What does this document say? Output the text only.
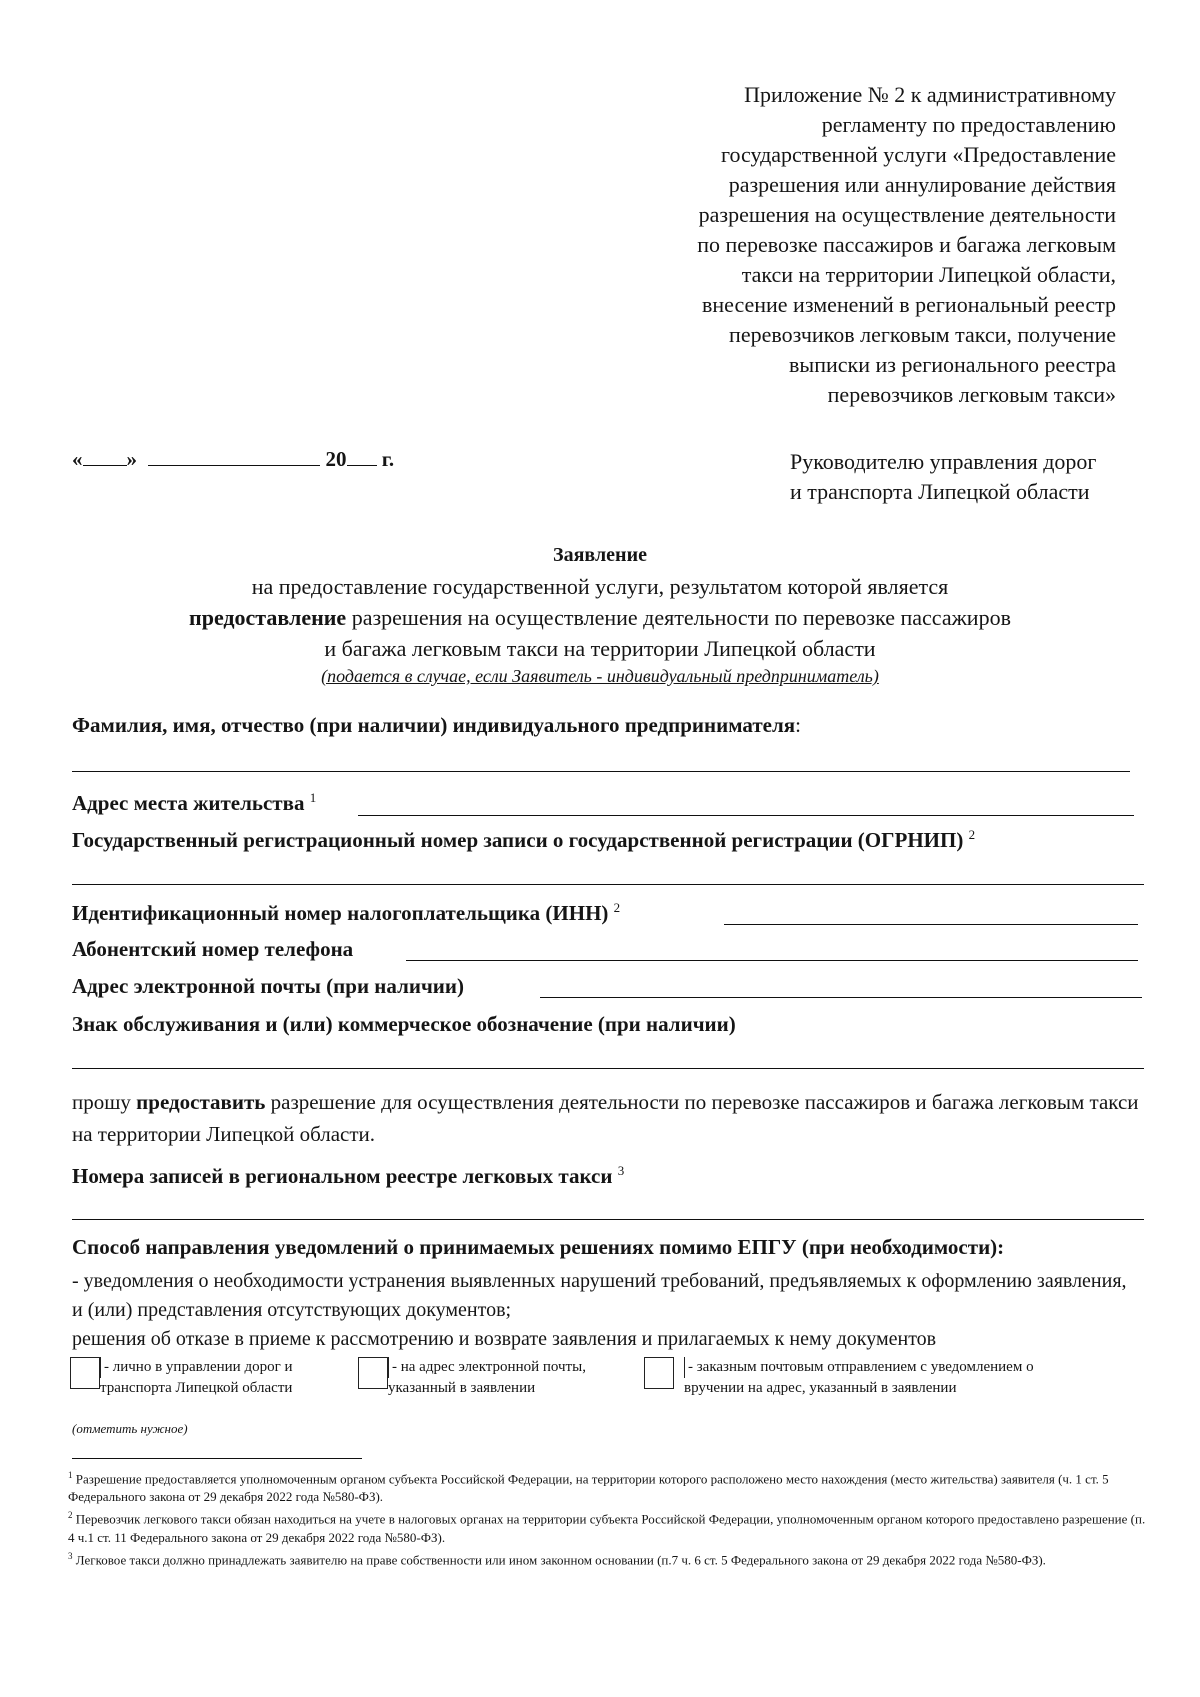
Приложение № 2 к административному
регламенту по предоставлению
государственной услуги «Предоставление
разрешения или аннулирование действия
разрешения на осуществление деятельности
по перевозке пассажиров и багажа легковым
такси на территории Липецкой области,
внесение изменений в региональный реестр
перевозчиков легковым такси, получение
выписки из регионального реестра
перевозчиков легковым такси»
« »	20 г.	Руководителю управления дорог
и транспорта Липецкой области
Заявление
на предоставление государственной услуги, результатом которой является
предоставление разрешения на осуществление деятельности по перевозке пассажиров
и багажа легковым такси на территории Липецкой области
(подается в случае, если Заявитель - индивидуальный предприниматель)
Фамилия, имя, отчество (при наличии) индивидуального предпринимателя:
Адрес места жительства $^1$
Государственный регистрационный номер записи о государственной регистрации (ОГРНИП) $^2$
Идентификационный номер налогоплательщика (ИНН) $^2$
Абонентский номер телефона
Адрес электронной почты (при наличии)
Знак обслуживания и (или) коммерческое обозначение (при наличии)
прошу предоставить разрешение для осуществления деятельности по перевозке пассажиров и багажа легковым такси на территории Липецкой области.
Номера записей в региональном реестре легковых такси $^3$
Способ направления уведомлений о принимаемых решениях помимо ЕПГУ (при необходимости):
- уведомления о необходимости устранения выявленных нарушений требований, предъявляемых к оформлению заявления, и (или) представления отсутствующих документов;
решения об отказе в приеме к рассмотрению и возврате заявления и прилагаемых к нему документов
- лично в управлении дорог и
транспорта Липецкой области
- на адрес электронной почты,
указанный в заявлении
- заказным почтовым отправлением с уведомлением о
вручении на адрес, указанный в заявлении
(отметить нужное)

$^1$ Разрешение предоставляется уполномоченным органом субъекта Российской Федерации, на территории которого расположено место нахождения (место жительства) заявителя (ч. 1 ст. 5 Федерального закона от 29 декабря 2022 года №580-ФЗ).

$^2$ Перевозчик легкового такси обязан находиться на учете в налоговых органах на территории субъекта Российской Федерации, уполномоченным органом которого предоставлено разрешение (п. 4 ч.1 ст. 11 Федерального закона от 29 декабря 2022 года №580-ФЗ).

$^3$ Легковое такси должно принадлежать заявителю на праве собственности или ином законном основании (п.7 ч. 6 ст. 5 Федерального закона от 29 декабря 2022 года №580-ФЗ).
